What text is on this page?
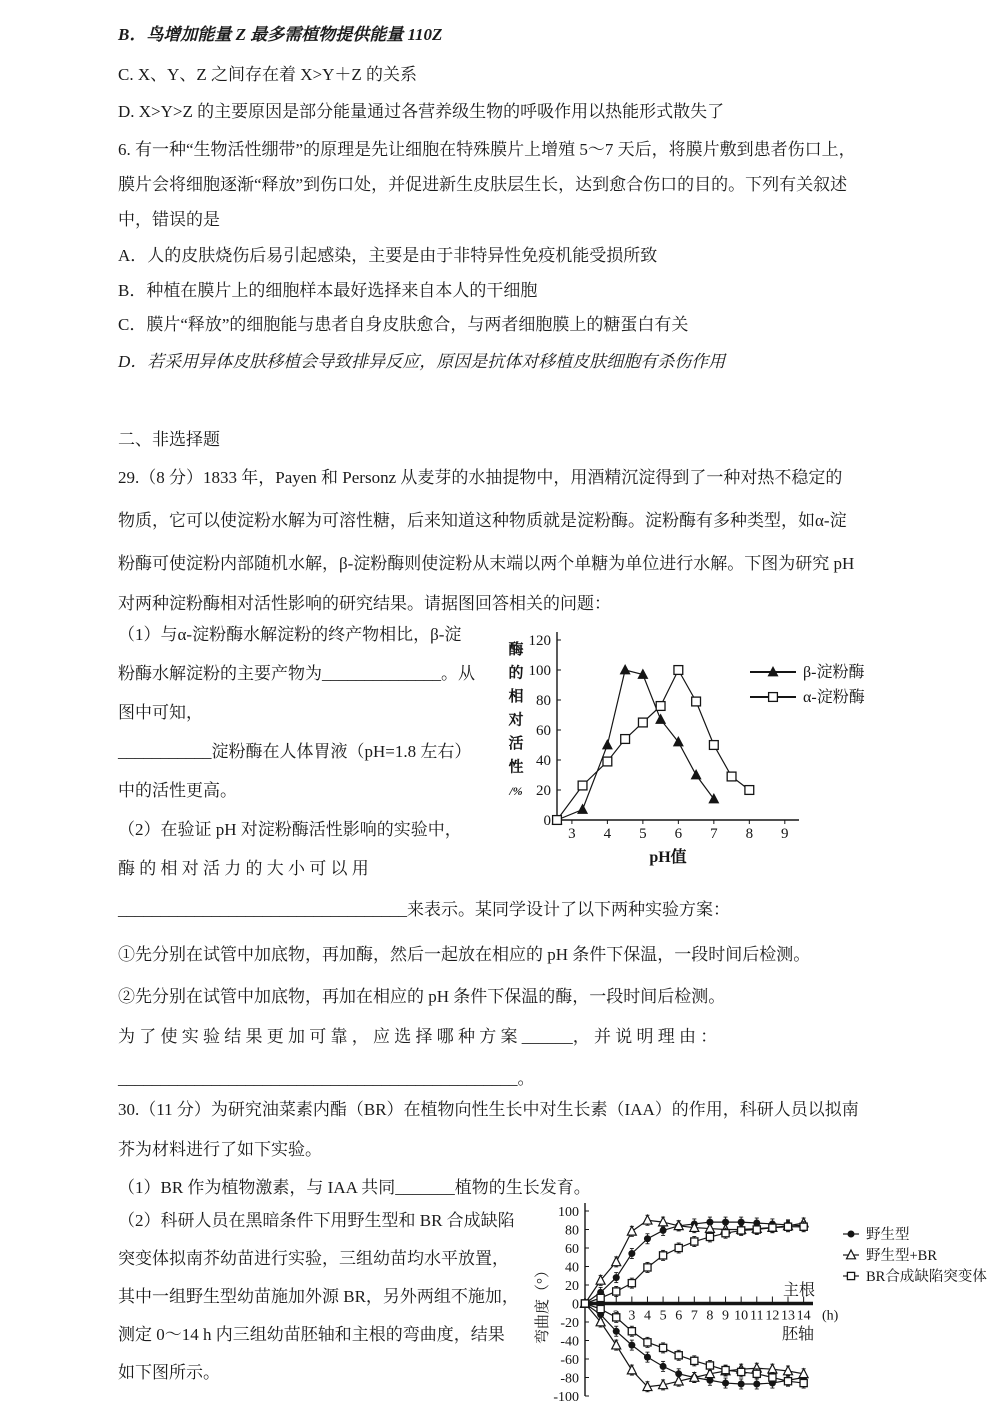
B．鸟增加能量 Z 最多需植物提供能量 110Z

C. X、Y、Z 之间存在着 X>Y＋Z 的关系

D. X>Y>Z 的主要原因是部分能量通过各营养级生物的呼吸作用以热能形式散失了

6. 有一种“生物活性绷带”的原理是先让细胞在特殊膜片上增殖 5～7 天后，将膜片敷到患者伤口上，

膜片会将细胞逐渐“释放”到伤口处，并促进新生皮肤层生长，达到愈合伤口的目的。下列有关叙述

中，错误的是

A．人的皮肤烧伤后易引起感染，主要是由于非特异性免疫机能受损所致

B．种植在膜片上的细胞样本最好选择来自本人的干细胞

C．膜片“释放”的细胞能与患者自身皮肤愈合，与两者细胞膜上的糖蛋白有关

D．若采用异体皮肤移植会导致排异反应，原因是抗体对移植皮肤细胞有杀伤作用

二、非选择题

29.（8 分）1833 年，Payen 和 Personz 从麦芽的水抽提物中，用酒精沉淀得到了一种对热不稳定的

物质，它可以使淀粉水解为可溶性糖，后来知道这种物质就是淀粉酶。淀粉酶有多种类型，如α-淀

粉酶可使淀粉内部随机水解，β-淀粉酶则使淀粉从末端以两个单糖为单位进行水解。下图为研究 pH

对两种淀粉酶相对活性影响的研究结果。请据图回答相关的问题：

（1）与α-淀粉酶水解淀粉的终产物相比，β-淀

粉酶水解淀粉的主要产物为______________。从

图中可知，

___________淀粉酶在人体胃液（pH=1.8 左右）

中的活性更高。

（2）在验证 pH 对淀粉酶活性影响的实验中，

酶 的 相 对 活 力 的 大 小 可 以 用

3 4 5 6 7 8 9
0
20
40
60
80
100
120
pH值
酶
的
相
对
活
性
/%
β-淀粉酶
α-淀粉酶

__________________________________来表示。某同学设计了以下两种实验方案：

①先分别在试管中加底物，再加酶，然后一起放在相应的 pH 条件下保温，一段时间后检测。

②先分别在试管中加底物，再加在相应的 pH 条件下保温的酶，一段时间后检测。

为 了 使 实 验 结 果 更 加 可 靠 ， 应 选 择 哪 种 方 案 ______， 并 说 明 理 由 ：

_______________________________________________。

30.（11 分）为研究油菜素内酯（BR）在植物向性生长中对生长素（IAA）的作用，科研人员以拟南

芥为材料进行了如下实验。

（1）BR 作为植物激素，与 IAA 共同_______植物的生长发育。

（2）科研人员在黑暗条件下用野生型和 BR 合成缺陷

突变体拟南芥幼苗进行实验，三组幼苗均水平放置，

其中一组野生型幼苗施加外源 BR，另外两组不施加，

测定 0～14 h 内三组幼苗胚轴和主根的弯曲度，结果

如下图所示。

3 4 5 6 7 8 9 10 11 12 13 14 (h)
-100
-80
-60
-40
-20
0
20
40
60
80
100
弯曲度（°）	主根
胚轴
野生型
野生型+BR
BR合成缺陷突变体
